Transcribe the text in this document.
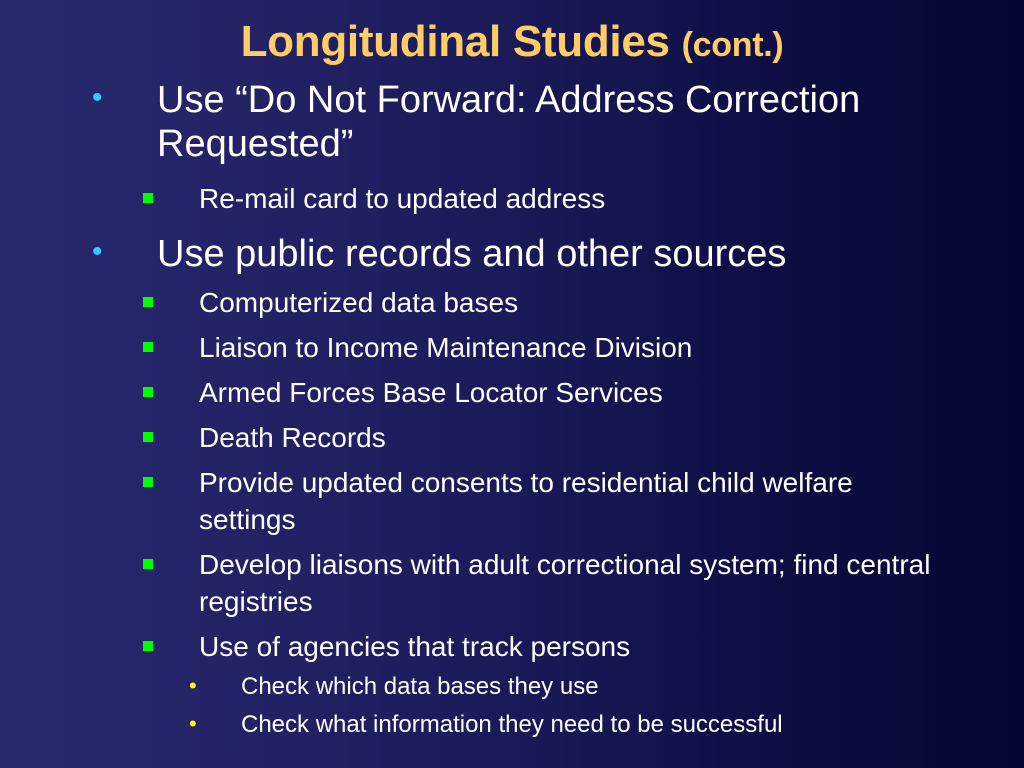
Longitudinal Studies (cont.)
• Use “Do Not Forward: Address Correction Requested”
Re-mail card to updated address
• Use public records and other sources
Computerized data bases
Liaison to Income Maintenance Division
Armed Forces Base Locator Services
Death Records
Provide updated consents to residential child welfare settings
Develop liaisons with adult correctional system; find central registries
Use of agencies that track persons
• Check which data bases they use
• Check what information they need to be successful
